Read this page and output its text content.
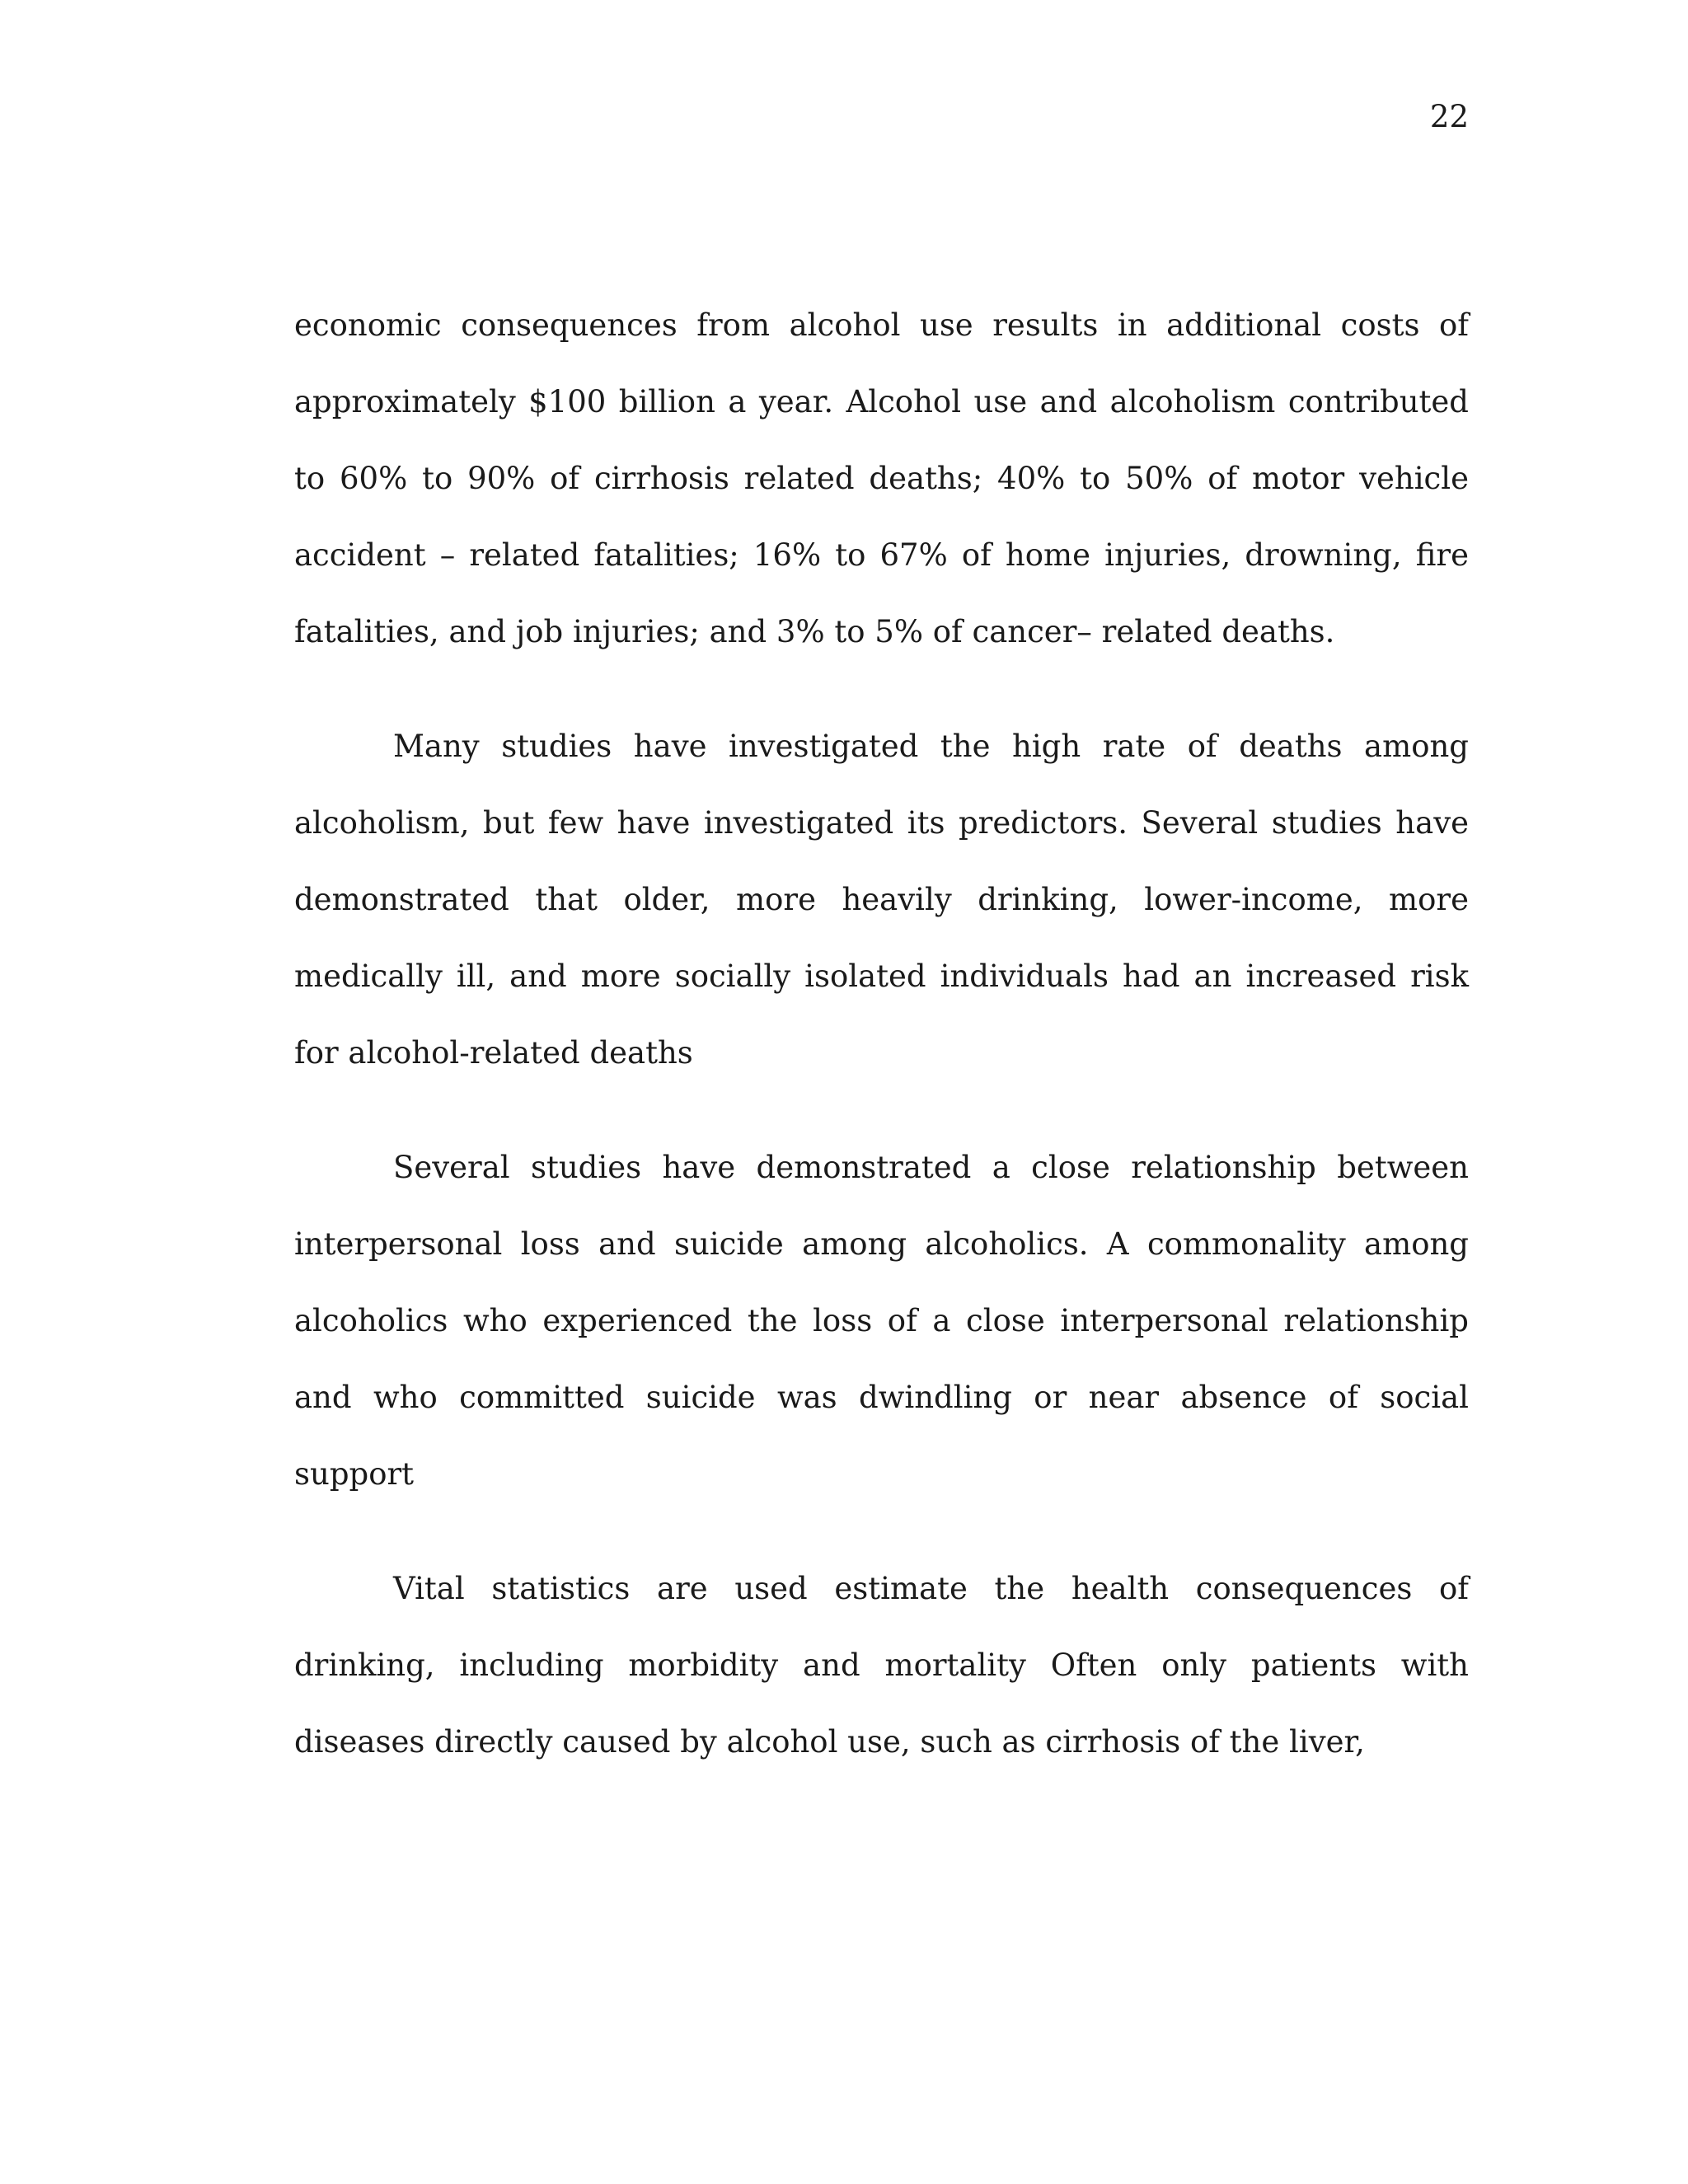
22

economic consequences from alcohol use results in additional costs of approximately $100 billion a year. Alcohol use and alcoholism contributed to 60% to 90% of cirrhosis related deaths; 40% to 50% of motor vehicle accident – related fatalities; 16% to 67% of home injuries, drowning, fire fatalities, and job injuries; and 3% to 5% of cancer– related deaths.

Many studies have investigated the high rate of deaths among alcoholism, but few have investigated its predictors. Several studies have demonstrated that older, more heavily drinking, lower-income, more medically ill, and more socially isolated individuals had an increased risk for alcohol-related deaths

Several studies have demonstrated a close relationship between interpersonal loss and suicide among alcoholics. A commonality among alcoholics who experienced the loss of a close interpersonal relationship and who committed suicide was dwindling or near absence of social support

Vital statistics are used estimate the health consequences of drinking, including morbidity and mortality Often only patients with diseases directly caused by alcohol use, such as cirrhosis of the liver,
